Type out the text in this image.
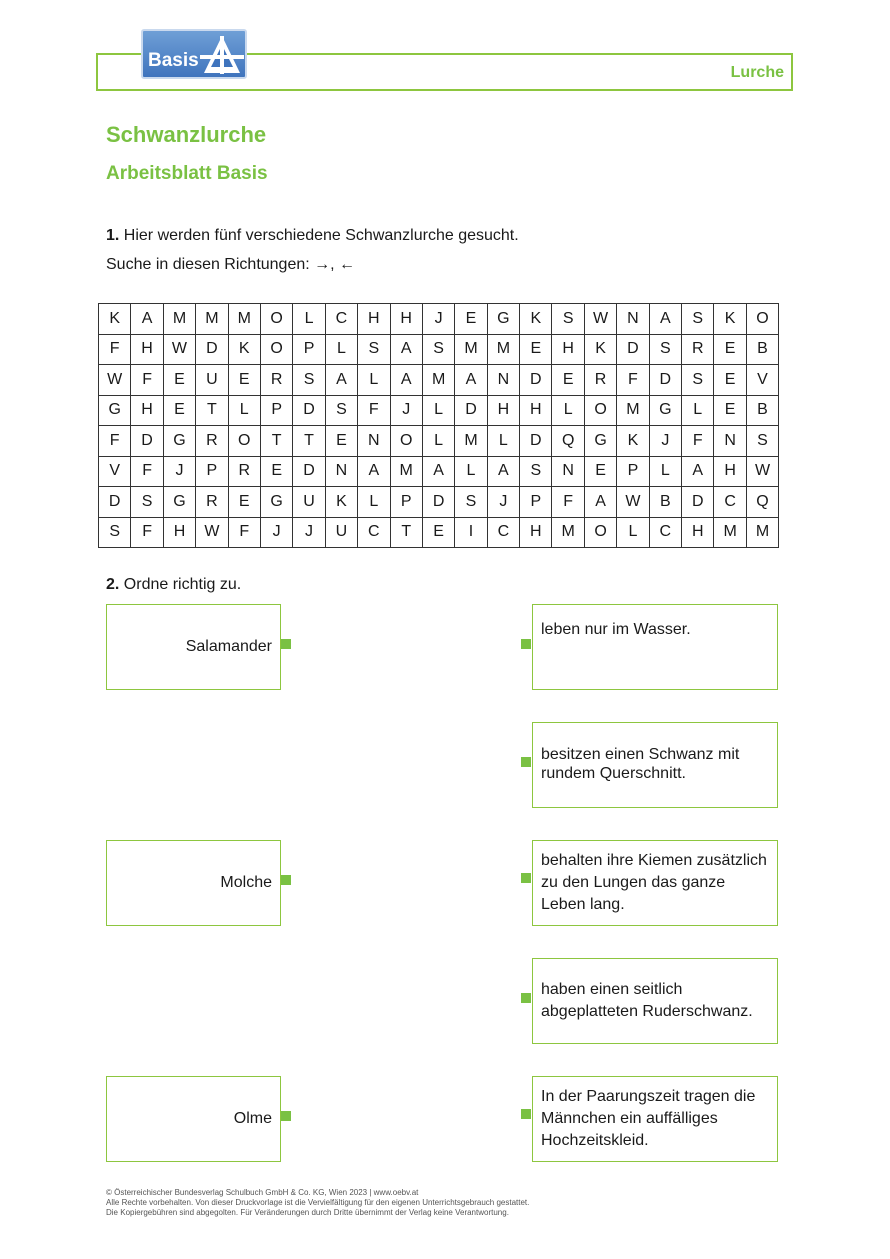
Basis
Lurche
Schwanzlurche
Arbeitsblatt Basis
1. Hier werden fünf verschiedene Schwanzlurche gesucht.
Suche in diesen Richtungen: →, ←
K	A	M	M	M	O	L	C	H	H	J	E	G	K	S	W	N	A	S	K	O
F	H	W	D	K	O	P	L	S	A	S	M	M	E	H	K	D	S	R	E	B
W	F	E	U	E	R	S	A	L	A	M	A	N	D	E	R	F	D	S	E	V
G	H	E	T	L	P	D	S	F	J	L	D	H	H	L	O	M	G	L	E	B
F	D	G	R	O	T	T	E	N	O	L	M	L	D	Q	G	K	J	F	N	S
V	F	J	P	R	E	D	N	A	M	A	L	A	S	N	E	P	L	A	H	W
D	S	G	R	E	G	U	K	L	P	D	S	J	P	F	A	W	B	D	C	Q
S	F	H	W	F	J	J	U	C	T	E	I	C	H	M	O	L	C	H	M	M
2. Ordne richtig zu.
Salamander
Molche
Olme
leben nur im Wasser.
besitzen einen Schwanz mit rundem Querschnitt.
behalten ihre Kiemen zusätzlich zu den Lungen das ganze Leben lang.
haben einen seitlich abgeplatteten Ruderschwanz.
In der Paarungszeit tragen die Männchen ein auffälliges Hochzeitskleid.
© Österreichischer Bundesverlag Schulbuch GmbH & Co. KG, Wien 2023 | www.oebv.at
Alle Rechte vorbehalten. Von dieser Druckvorlage ist die Vervielfältigung für den eigenen Unterrichtsgebrauch gestattet.
Die Kopiergebühren sind abgegolten. Für Veränderungen durch Dritte übernimmt der Verlag keine Verantwortung.
